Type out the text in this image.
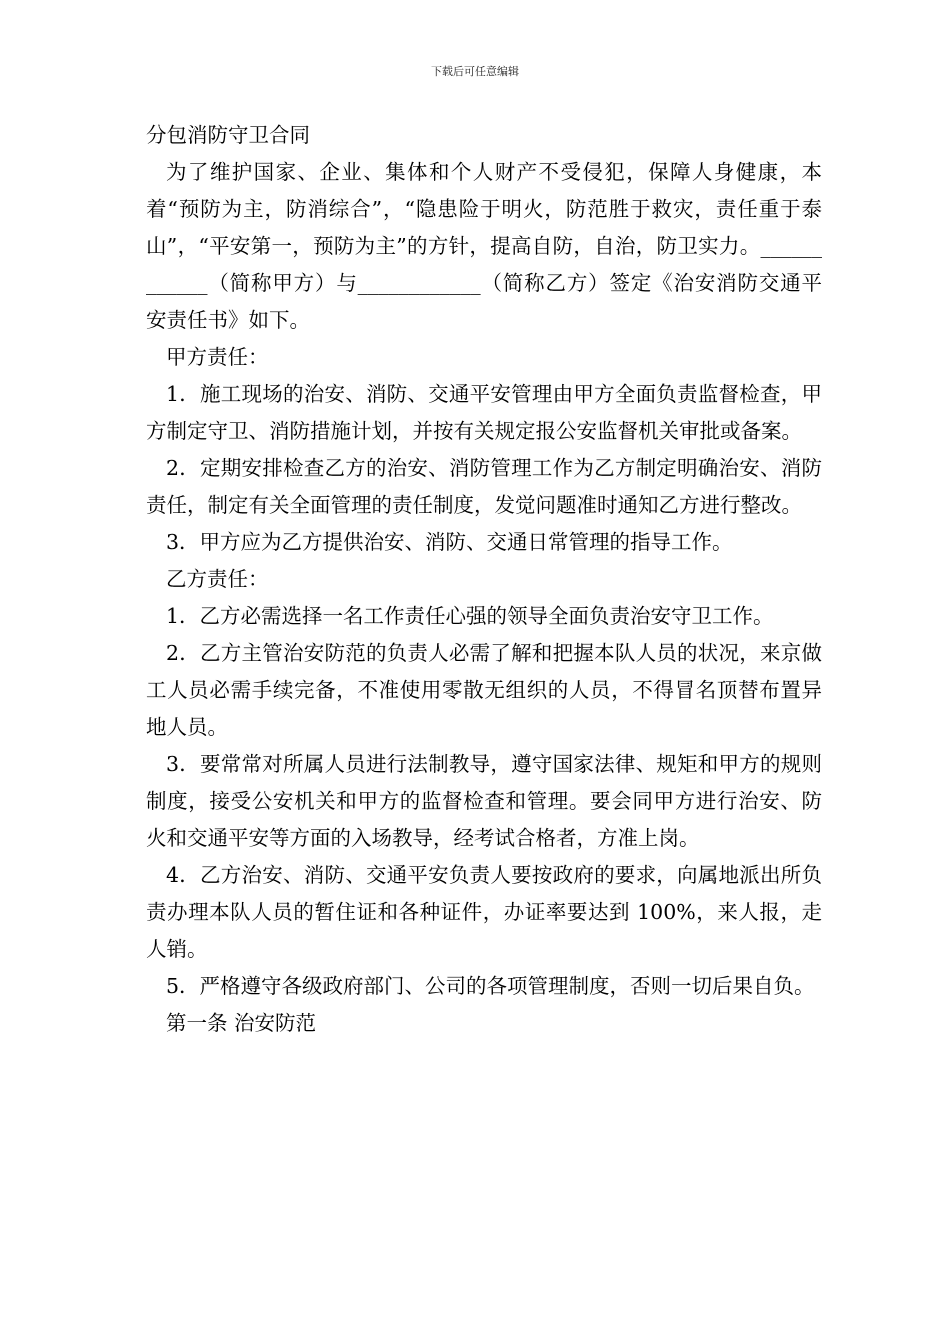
下载后可任意编辑

分包消防守卫合同

为了维护国家、企业、集体和个人财产不受侵犯，保障人身健康，本着“预防为主，防消综合”，“隐患险于明火，防范胜于救灾，责任重于泰山”，“平安第一，预防为主”的方针，提高自防，自治，防卫实力。____________（简称甲方）与____________（简称乙方）签定《治安消防交通平安责任书》如下。

甲方责任：

1．施工现场的治安、消防、交通平安管理由甲方全面负责监督检查，甲方制定守卫、消防措施计划，并按有关规定报公安监督机关审批或备案。

2．定期安排检查乙方的治安、消防管理工作为乙方制定明确治安、消防责任，制定有关全面管理的责任制度，发觉问题准时通知乙方进行整改。

3．甲方应为乙方提供治安、消防、交通日常管理的指导工作。

乙方责任：

1．乙方必需选择一名工作责任心强的领导全面负责治安守卫工作。

2．乙方主管治安防范的负责人必需了解和把握本队人员的状况，来京做工人员必需手续完备，不准使用零散无组织的人员，不得冒名顶替布置异地人员。

3．要常常对所属人员进行法制教导，遵守国家法律、规矩和甲方的规则制度，接受公安机关和甲方的监督检查和管理。要会同甲方进行治安、防火和交通平安等方面的入场教导，经考试合格者，方准上岗。

4．乙方治安、消防、交通平安负责人要按政府的要求，向属地派出所负责办理本队人员的暂住证和各种证件，办证率要达到 100%，来人报，走人销。

5．严格遵守各级政府部门、公司的各项管理制度，否则一切后果自负。

第一条 治安防范
